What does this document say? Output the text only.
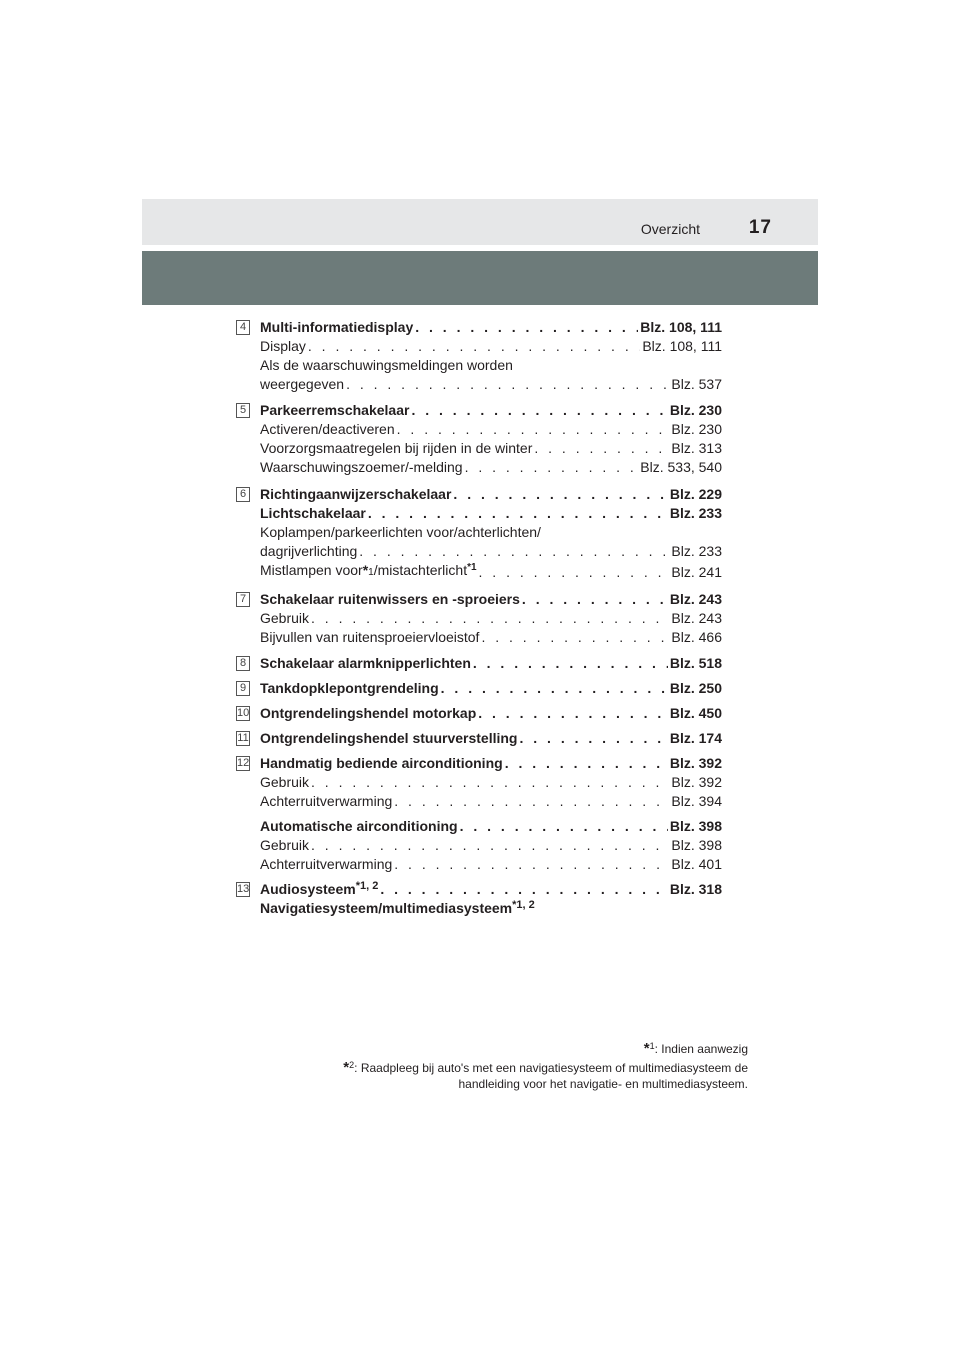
Overzicht	17
4 Multi-informatiedisplay . . .	Blz. 108, 111
Display . . .	Blz. 108, 111
Als de waarschuwingsmeldingen worden
weergegeven . . .	Blz. 537
5 Parkeerremschakelaar . . .	Blz. 230
Activeren/deactiveren . . .	Blz. 230
Voorzorgsmaatregelen bij rijden in de winter . . .	Blz. 313
Waarschuwingszoemer/-melding . . .	Blz. 533, 540
6 Richtingaanwijzerschakelaar . . .	Blz. 229
Lichtschakelaar . . .	Blz. 233
Koplampen/parkeerlichten voor/achterlichten/
dagrijverlichting . . .	Blz. 233
Mistlampen voor*1/mistachterlicht$^{*1}$ . . .	Blz. 241
7 Schakelaar ruitenwissers en -sproeiers . . .	Blz. 243
Gebruik . . .	Blz. 243
Bijvullen van ruitensproeiervloeistof . . .	Blz. 466
8 Schakelaar alarmknipperlichten . . .	Blz. 518
9 Tankdopklepontgrendeling . . .	Blz. 250
10 Ontgrendelingshendel motorkap . . .	Blz. 450
11 Ontgrendelingshendel stuurverstelling . . .	Blz. 174
12 Handmatig bediende airconditioning . . .	Blz. 392
Gebruik . . .	Blz. 392
Achterruitverwarming . . .	Blz. 394
Automatische airconditioning . . .	Blz. 398
Gebruik . . .	Blz. 398
Achterruitverwarming . . .	Blz. 401
13 Audiosysteem$^{*1, 2}$ . . .	Blz. 318
Navigatiesysteem/multimediasysteem$^{*1, 2}$
*$^1$: Indien aanwezig
*$^2$: Raadpleeg bij auto's met een navigatiesysteem of multimediasysteem de
handleiding voor het navigatie- en multimediasysteem.
